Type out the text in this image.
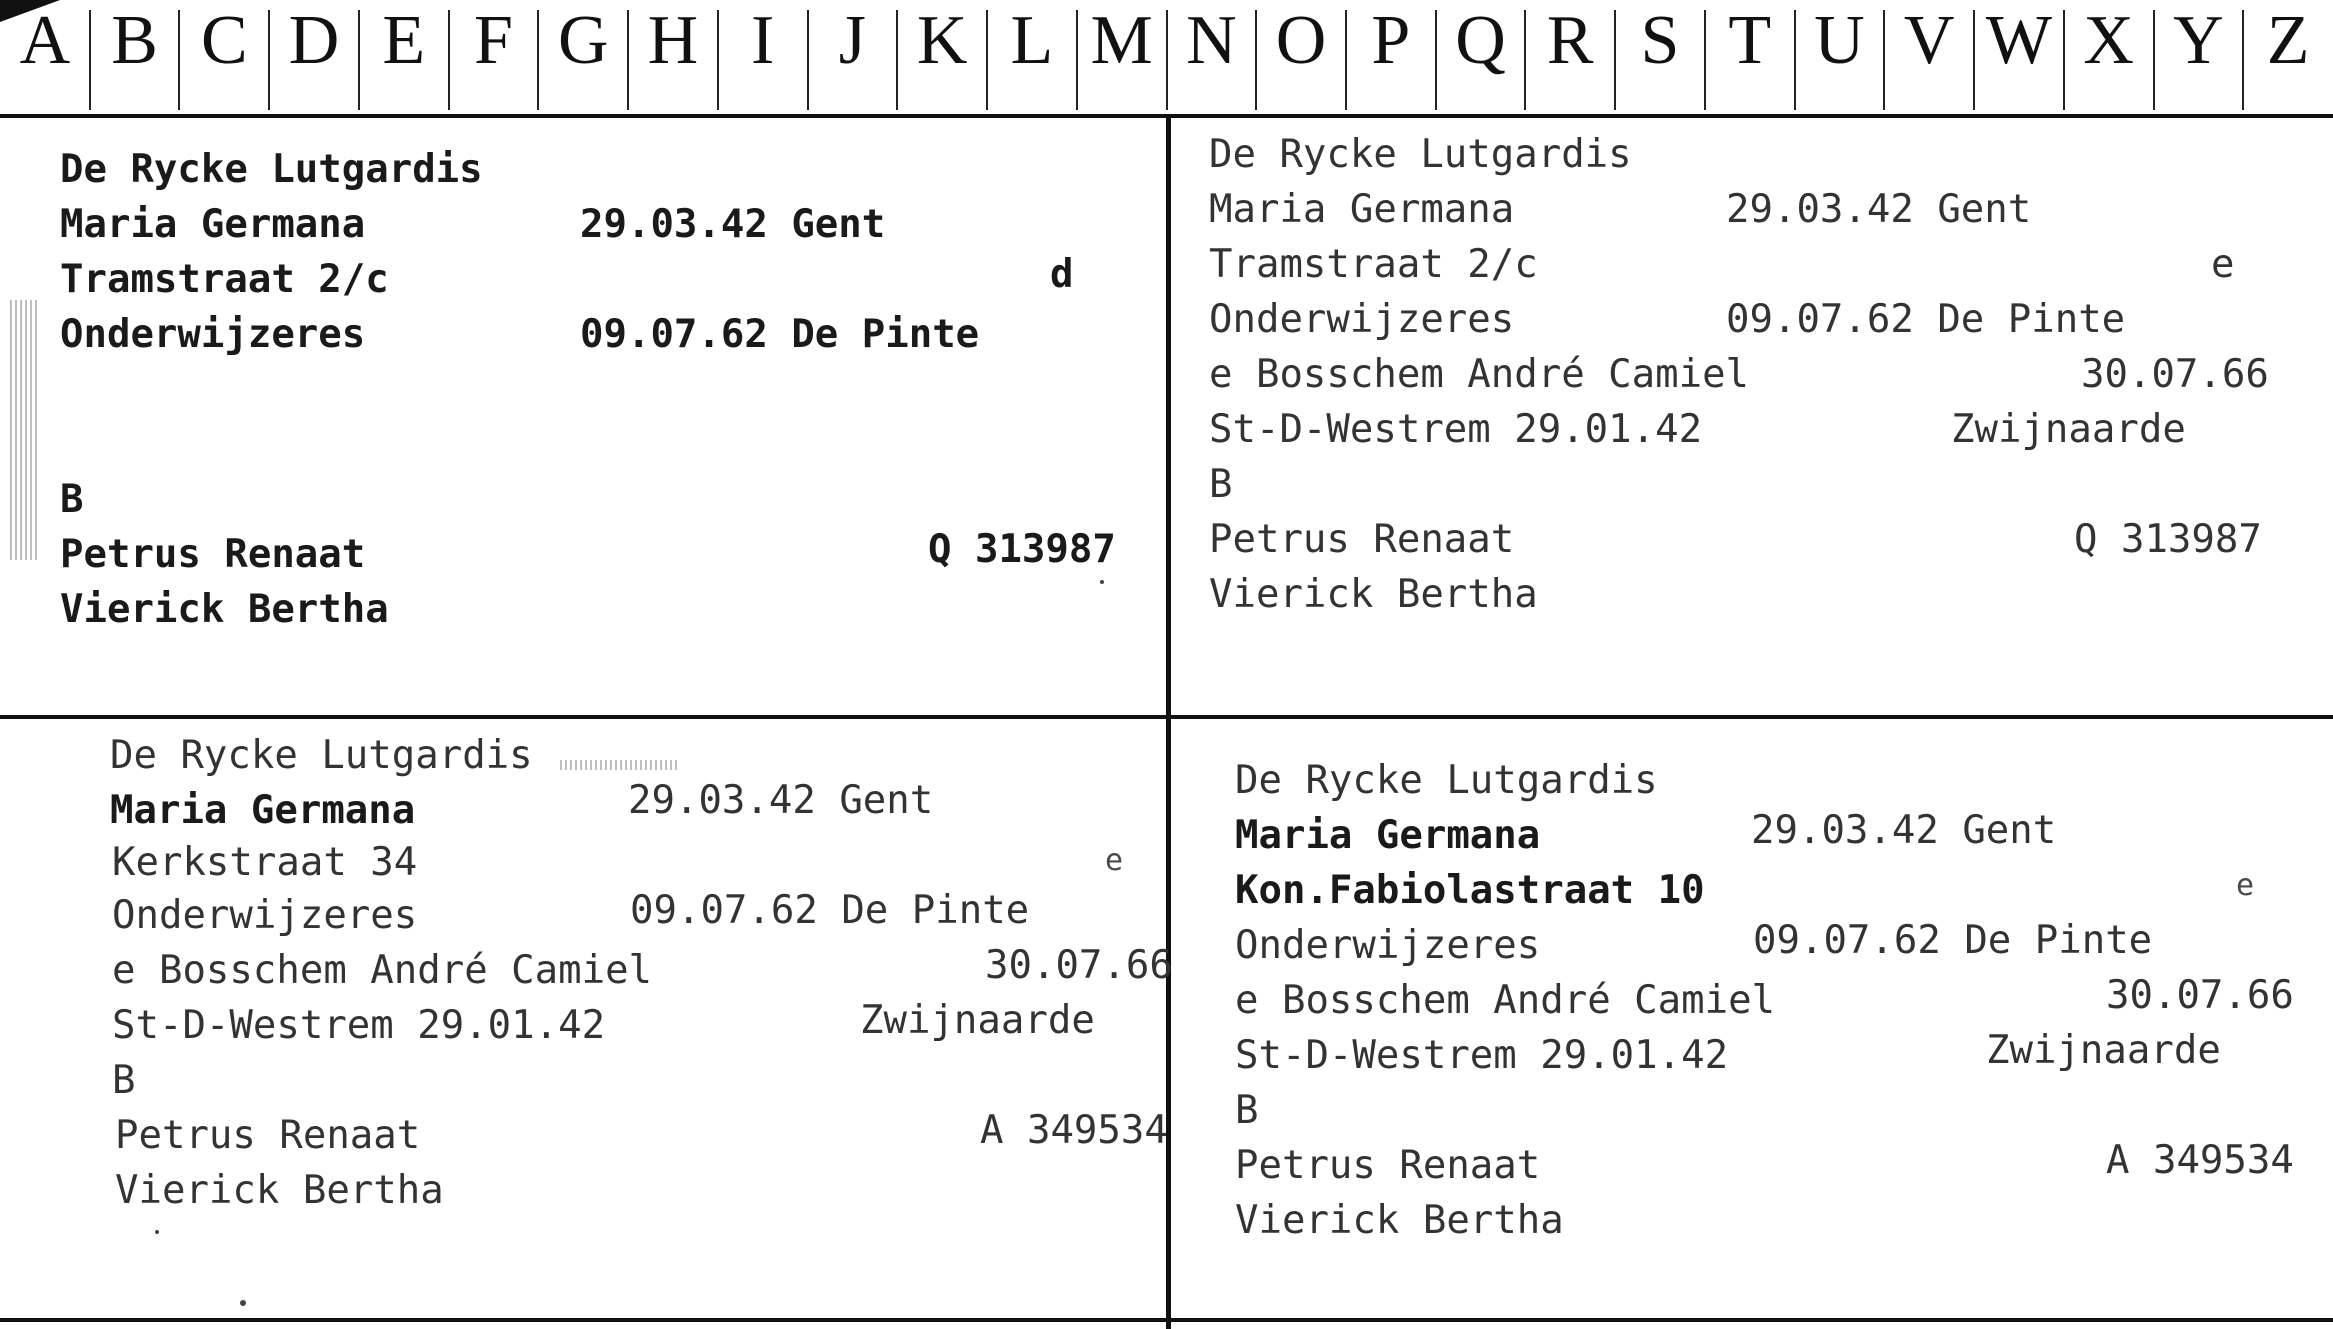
A B C D E F G H I J K L M N O P Q R S T U V W X Y Z
De Rycke Lutgardis
Maria Germana	29.03.42 Gent
Tramstraat 2/c	d
Onderwijzeres	09.07.62 De Pinte
B
Petrus Renaat	Q 313987
Vierick Bertha
De Rycke Lutgardis
Maria Germana	29.03.42 Gent
Tramstraat 2/c	e
Onderwijzeres	09.07.62 De Pinte
e Bosschem André Camiel	30.07.66
St-D-Westrem 29.01.42	Zwijnaarde
B
Petrus Renaat	Q 313987
Vierick Bertha
De Rycke Lutgardis
Maria Germana	29.03.42 Gent
Kerkstraat 34	e
Onderwijzeres	09.07.62 De Pinte
e Bosschem André Camiel	30.07.66
St-D-Westrem 29.01.42	Zwijnaarde
B
Petrus Renaat	A 349534
Vierick Bertha
De Rycke Lutgardis
Maria Germana	29.03.42 Gent
Kon.Fabiolastraat 10	e
Onderwijzeres	09.07.62 De Pinte
e Bosschem André Camiel	30.07.66
St-D-Westrem 29.01.42	Zwijnaarde
B
Petrus Renaat	A 349534
Vierick Bertha
